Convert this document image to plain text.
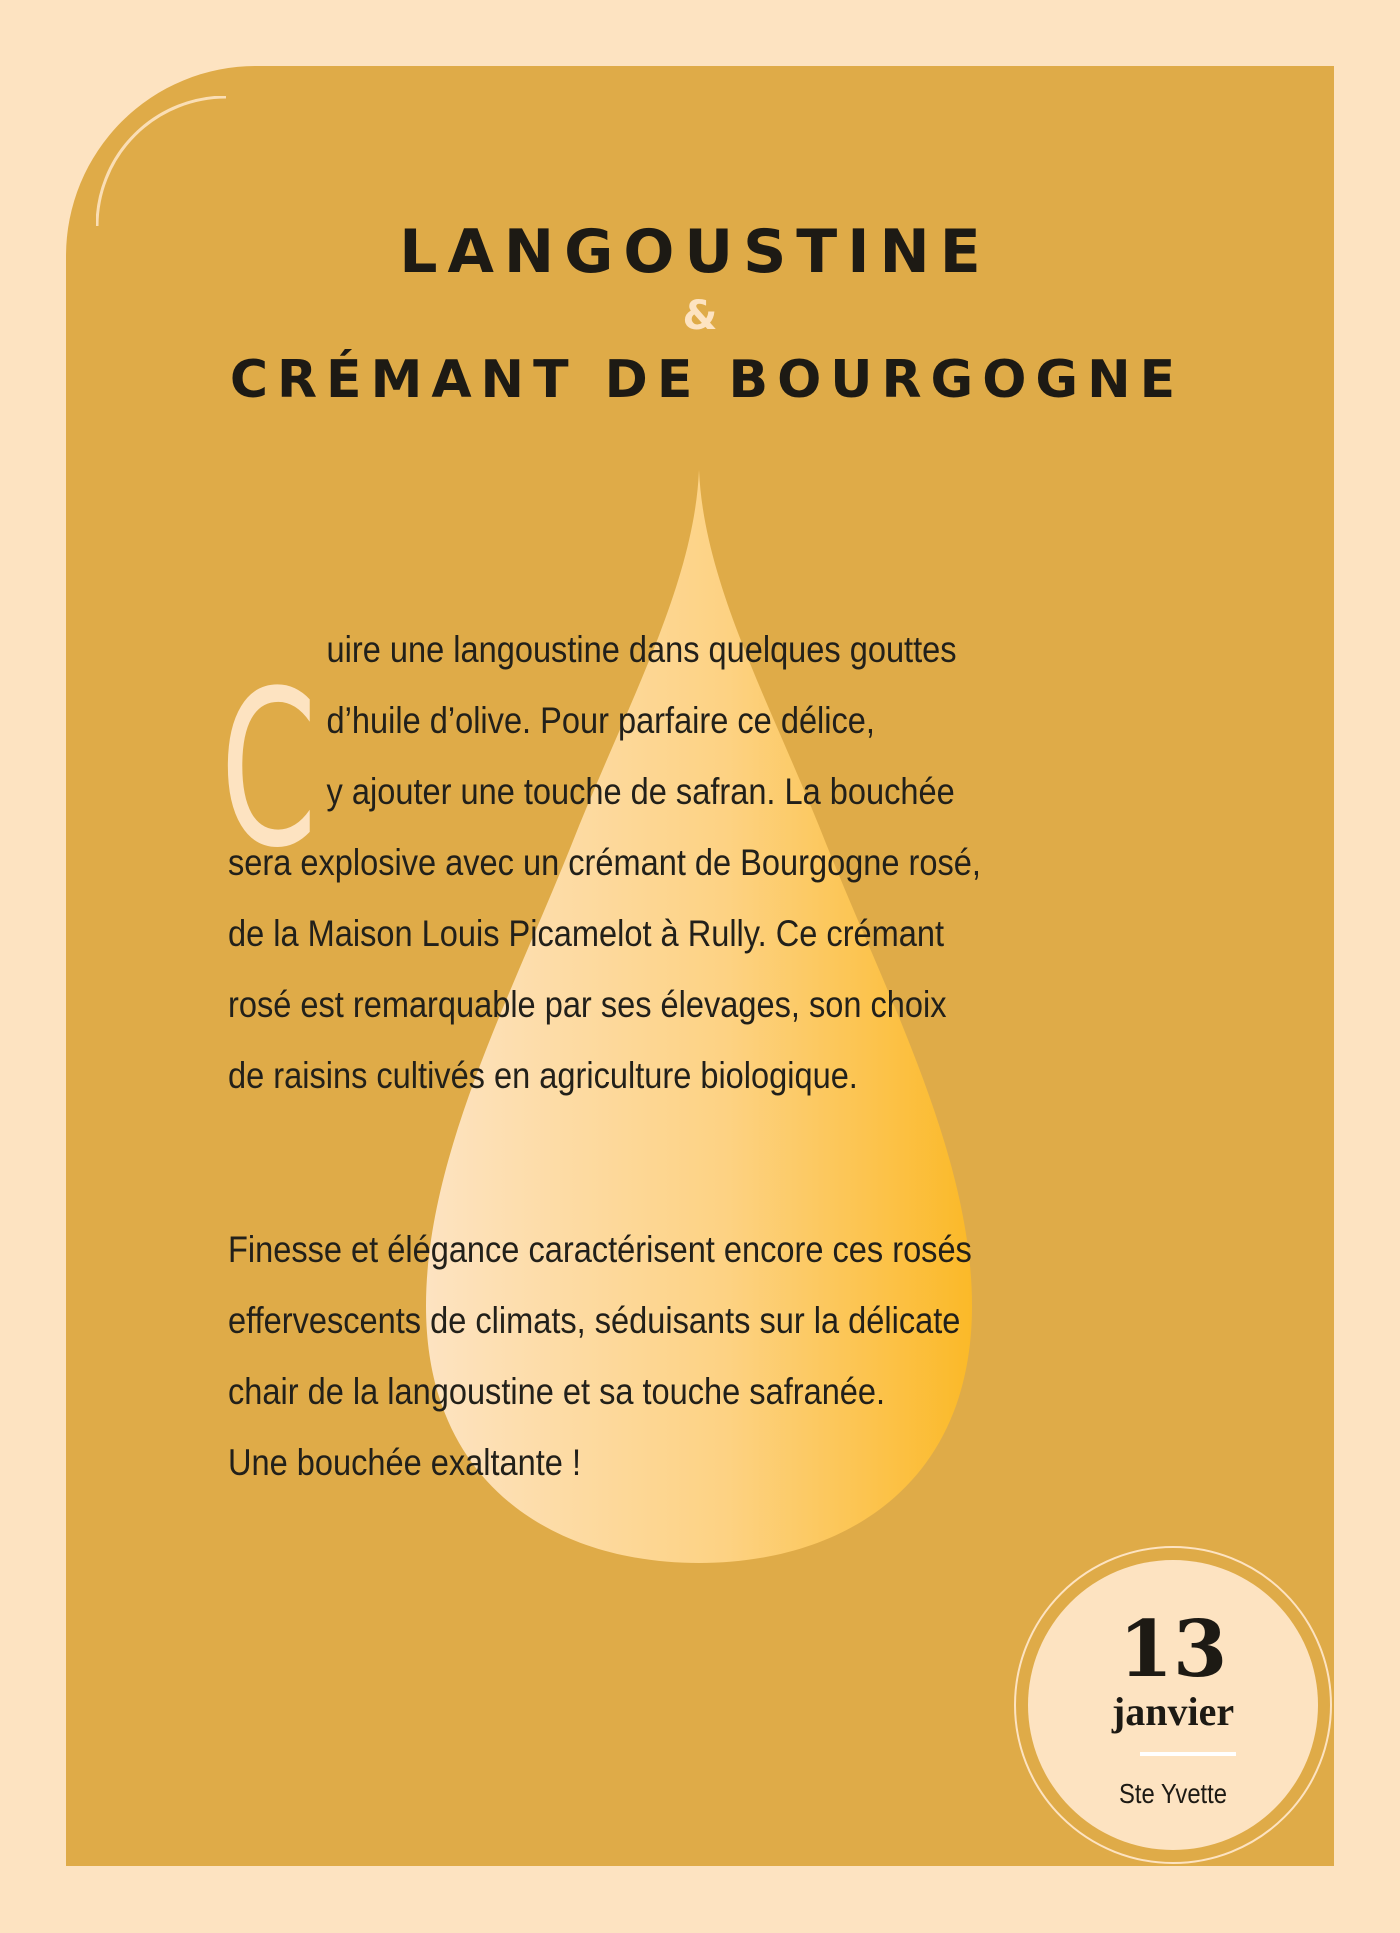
LANGOUSTINE
&
CRÉMANT DE BOURGOGNE
C uire une langoustine dans quelques gouttes

d’huile d’olive. Pour parfaire ce délice,

y ajouter une touche de safran. La bouchée

sera explosive avec un crémant de Bourgogne rosé,

de la Maison Louis Picamelot à Rully. Ce crémant

rosé est remarquable par ses élevages, son choix

de raisins cultivés en agriculture biologique.

Finesse et élégance caractérisent encore ces rosés

effervescents de climats, séduisants sur la délicate

chair de la langoustine et sa touche safranée.

Une bouchée exaltante !

13
janvier
Ste Yvette
